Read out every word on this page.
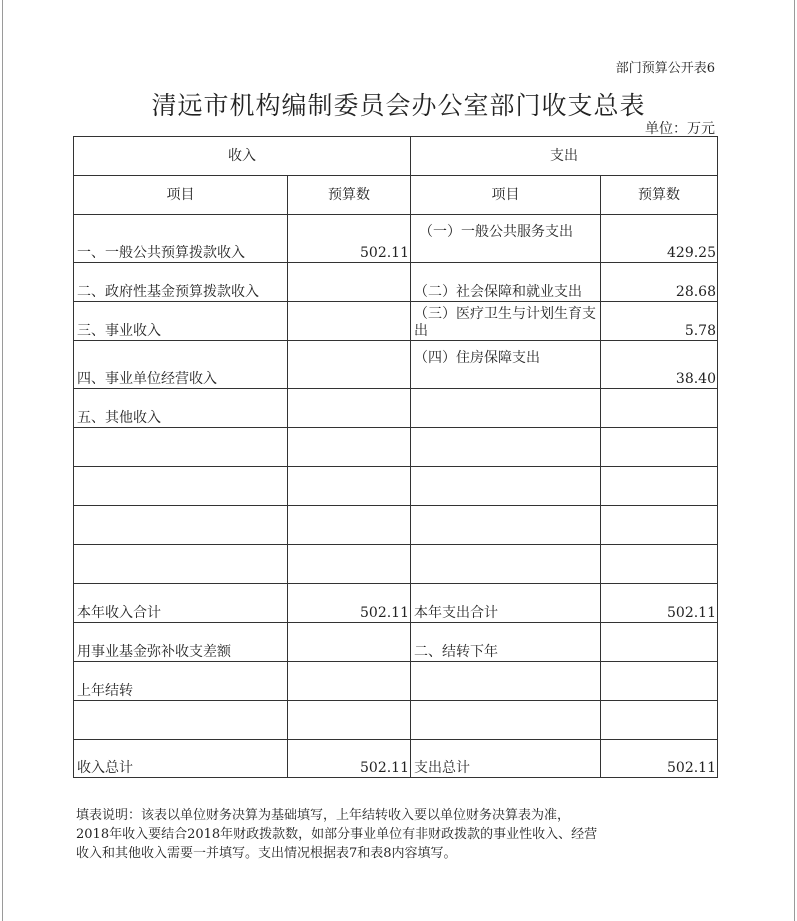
部门预算公开表6
清远市机构编制委员会办公室部门收支总表
单位：万元
收入		支出	
项目	预算数	项目	预算数
一、一般公共预算拨款收入	502.11	（一）一般公共服务支出	429.25
二、政府性基金预算拨款收入		（二）社会保障和就业支出	28.68
三、事业收入		（三）医疗卫生与计划生育支出	5.78
四、事业单位经营收入		（四）住房保障支出	38.40
五、其他收入			

本年收入合计	502.11	本年支出合计	502.11
用事业基金弥补收支差额		二、结转下年	
上年结转			

收入总计	502.11	支出总计	502.11
填表说明：该表以单位财务决算为基础填写，上年结转收入要以单位财务决算表为准，
2018年收入要结合2018年财政拨款数，如部分事业单位有非财政拨款的事业性收入、经营
收入和其他收入需要一并填写。支出情况根据表7和表8内容填写。
